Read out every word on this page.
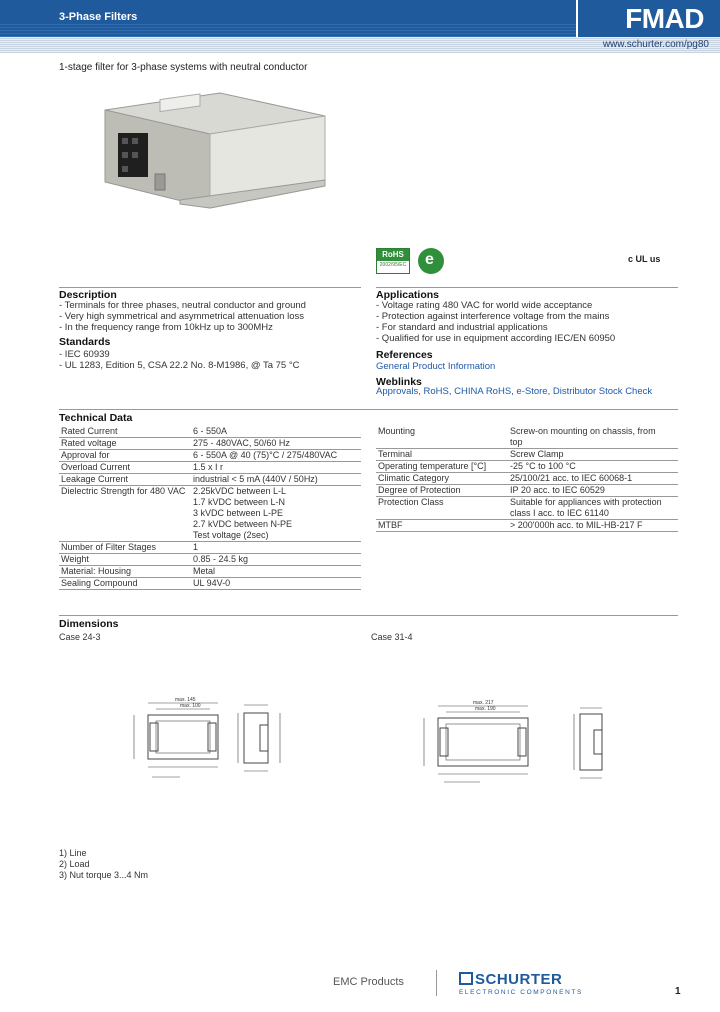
3-Phase Filters	FMAD
www.schurter.com/pg80
1-stage filter for 3-phase systems with neutral conductor
RoHS
2002/95/EC e	c UL us
Description
- Terminals for three phases, neutral conductor and ground
- Very high symmetrical and asymmetrical attenuation loss
- In the frequency range from 10kHz up to 300MHz
Standards
- IEC 60939
- UL 1283, Edition 5, CSA 22.2 No. 8-M1986, @ Ta 75 °C
Applications
- Voltage rating 480 VAC for world wide acceptance
- Protection against interference voltage from the mains
- For standard and industrial applications
- Qualified for use in equipment according IEC/EN 60950
References
General Product Information
Weblinks
Approvals, RoHS, CHINA RoHS, e-Store, Distributor Stock Check
Technical Data
Rated Current	6 - 550A

Rated voltage	275 - 480VAC, 50/60 Hz

Approval for	6 - 550A @ 40 (75)°C / 275/480VAC

Overload Current	1.5 x I r

Leakage Current	industrial < 5 mA (440V / 50Hz)

Dielectric Strength for 480 VAC	2.25kVDC between L-L
1.7 kVDC between L-N
3 kVDC between L-PE
2.7 kVDC between N-PE
Test voltage (2sec)

Number of Filter Stages	1

Weight	0.85 - 24.5 kg

Material: Housing	Metal

Sealing Compound	UL 94V-0
Mounting	Screw-on mounting on chassis, from
top

Terminal	Screw Clamp

Operating temperature [°C]	-25 °C to 100 °C

Climatic Category	25/100/21 acc. to IEC 60068-1

Degree of Protection	IP 20 acc. to IEC 60529

Protection Class	Suitable for appliances with protection
class I acc. to IEC 61140

MTBF	> 200'000h acc. to MIL-HB-217 F
Dimensions
Case 24-3	Case 31-4
max. 145
max. 100	max. 217
max. 190
1) Line
2) Load
3) Nut torque 3...4 Nm
EMC Products	SCHURTER
ELECTRONIC COMPONENTS	1
